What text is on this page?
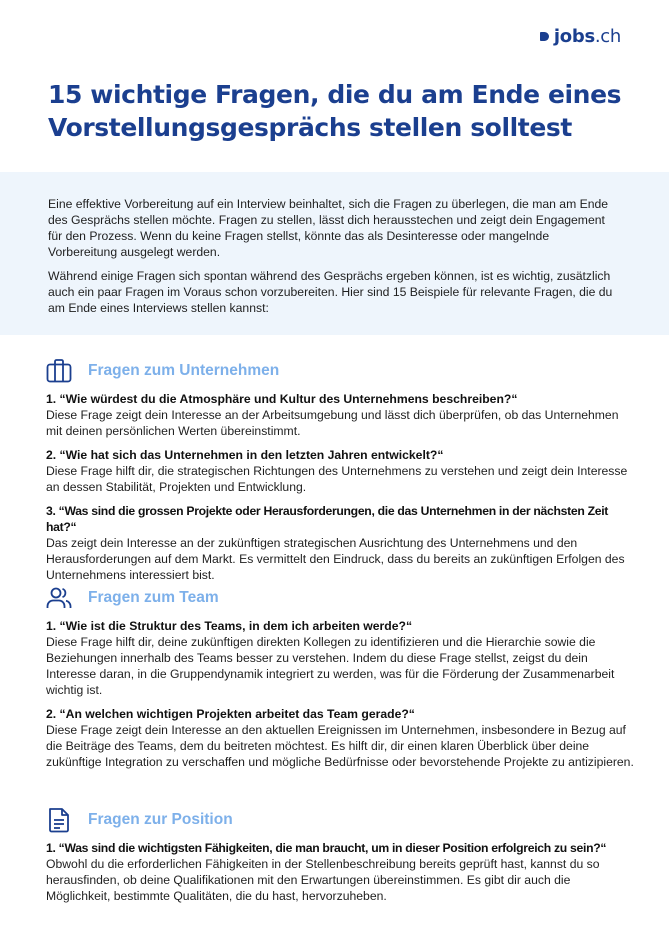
jobs.ch
15 wichtige Fragen, die du am Ende eines Vorstellungsgesprächs stellen solltest

Eine effektive Vorbereitung auf ein Interview beinhaltet, sich die Fragen zu überlegen, die man am Ende des Gesprächs stellen möchte. Fragen zu stellen, lässt dich herausstechen und zeigt dein Engagement für den Prozess. Wenn du keine Fragen stellst, könnte das als Desinteresse oder mangelnde Vorbereitung ausgelegt werden.

Während einige Fragen sich spontan während des Gesprächs ergeben können, ist es wichtig, zusätzlich auch ein paar Fragen im Voraus schon vorzubereiten. Hier sind 15 Beispiele für relevante Fragen, die du am Ende eines Interviews stellen kannst:

Fragen zum Unternehmen
1. “Wie würdest du die Atmosphäre und Kultur des Unternehmens beschreiben?“
Diese Frage zeigt dein Interesse an der Arbeitsumgebung und lässt dich überprüfen, ob das Unternehmen mit deinen persönlichen Werten übereinstimmt.
2. “Wie hat sich das Unternehmen in den letzten Jahren entwickelt?“
Diese Frage hilft dir, die strategischen Richtungen des Unternehmens zu verstehen und zeigt dein Interesse an dessen Stabilität, Projekten und Entwicklung.
3. “Was sind die grossen Projekte oder Herausforderungen, die das Unternehmen in der nächsten Zeit hat?“
Das zeigt dein Interesse an der zukünftigen strategischen Ausrichtung des Unternehmens und den Herausforderungen auf dem Markt. Es vermittelt den Eindruck, dass du bereits an zukünftigen Erfolgen des Unternehmens interessiert bist.
Fragen zum Team
1. “Wie ist die Struktur des Teams, in dem ich arbeiten werde?“
Diese Frage hilft dir, deine zukünftigen direkten Kollegen zu identifizieren und die Hierarchie sowie die Beziehungen innerhalb des Teams besser zu verstehen. Indem du diese Frage stellst, zeigst du dein Interesse daran, in die Gruppendynamik integriert zu werden, was für die Förderung der Zusammenarbeit wichtig ist.
2. “An welchen wichtigen Projekten arbeitet das Team gerade?“
Diese Frage zeigt dein Interesse an den aktuellen Ereignissen im Unternehmen, insbesondere in Bezug auf die Beiträge des Teams, dem du beitreten möchtest. Es hilft dir, dir einen klaren Überblick über deine zukünftige Integration zu verschaffen und mögliche Bedürfnisse oder bevorstehende Projekte zu antizipieren.
Fragen zur Position
1. “Was sind die wichtigsten Fähigkeiten, die man braucht, um in dieser Position erfolgreich zu sein?“
Obwohl du die erforderlichen Fähigkeiten in der Stellenbeschreibung bereits geprüft hast, kannst du so herausfinden, ob deine Qualifikationen mit den Erwartungen übereinstimmen. Es gibt dir auch die Möglichkeit, bestimmte Qualitäten, die du hast, hervorzuheben.
